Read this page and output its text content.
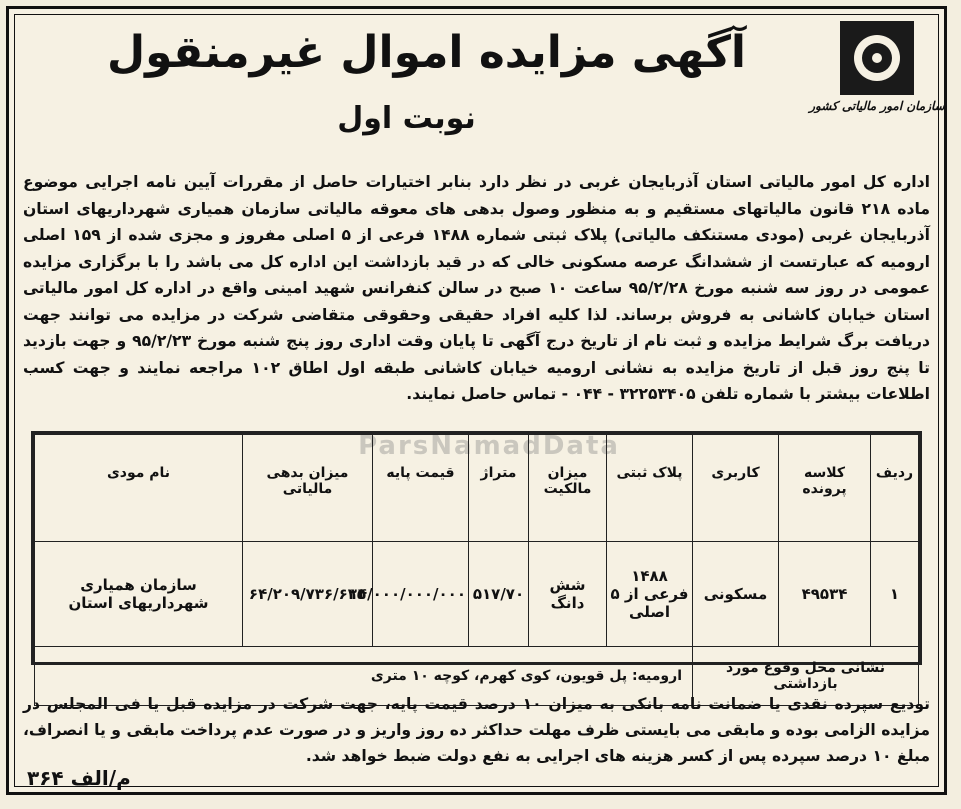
سازمان امور مالیاتی کشور
آگهی مزایده اموال غیرمنقول
نوبت اول
اداره کل امور مالیاتی استان آذربایجان غربی در نظر دارد بنابر اختیارات حاصل از مقررات آیین نامه اجرایی موضوع ماده ۲۱۸ قانون مالیاتهای مستقیم و به منظور وصول بدهی های معوقه مالیاتی سازمان همیاری شهرداریهای استان آذربایجان غربی (مودی مستنکف مالیاتی) پلاک ثبتی شماره ۱۴۸۸ فرعی از ۵ اصلی مفروز و مجزی شده از ۱۵۹ اصلی ارومیه که عبارتست از ششدانگ عرصه مسکونی خالی که در قید بازداشت این اداره کل می باشد را با برگزاری مزایده عمومی در روز سه شنبه مورخ ۹۵/۲/۲۸ ساعت ۱۰ صبح در سالن کنفرانس شهید امینی واقع در اداره کل امور مالیاتی استان خیابان کاشانی به فروش برساند. لذا کلیه افراد حقیقی وحقوقی متقاضی شرکت در مزایده می توانند جهت دریافت برگ شرایط مزایده و ثبت نام از تاریخ درج آگهی تا پایان وقت اداری روز پنج شنبه مورخ ۹۵/۲/۲۳ و جهت بازدید تا پنج روز قبل از تاریخ مزایده به نشانی ارومیه خیابان کاشانی طبقه اول اطاق ۱۰۲ مراجعه نمایند و جهت کسب اطلاعات بیشتر با شماره تلفن ۳۲۲۵۳۴۰۵ - ۰۴۴ - تماس حاصل نمایند.
ParsNamadData
ردیف	کلاسه پرونده	کاربری	پلاک ثبتی	میزان مالکیت	متراژ	قیمت پایه	میزان بدهی مالیاتی	نام مودی
۱	۴۹۵۳۴	مسکونی	۱۴۸۸ فرعی از ۵ اصلی	شش دانگ	۵۱۷/۷۰	۱۴/۰۰۰/۰۰۰/۰۰۰	۶۴/۲۰۹/۷۳۶/۶۳۵	سازمان همیاری شهرداریهای استان
نشانی محل وقوع مورد بازداشتی			ارومیه: پل قویون، کوی کهرم، کوچه ۱۰ متری					
تودیع سپرده نقدی یا ضمانت نامه بانکی به میزان ۱۰ درصد قیمت پایه، جهت شرکت در مزایده قبل یا فی المجلس در مزایده الزامی بوده و مابقی می بایستی ظرف مهلت حداکثر ده روز واریز و در صورت عدم پرداخت مابقی و یا انصراف، مبلغ ۱۰ درصد سپرده پس از کسر هزینه های اجرایی به نفع دولت ضبط خواهد شد.
م/الف ۳۶۴
